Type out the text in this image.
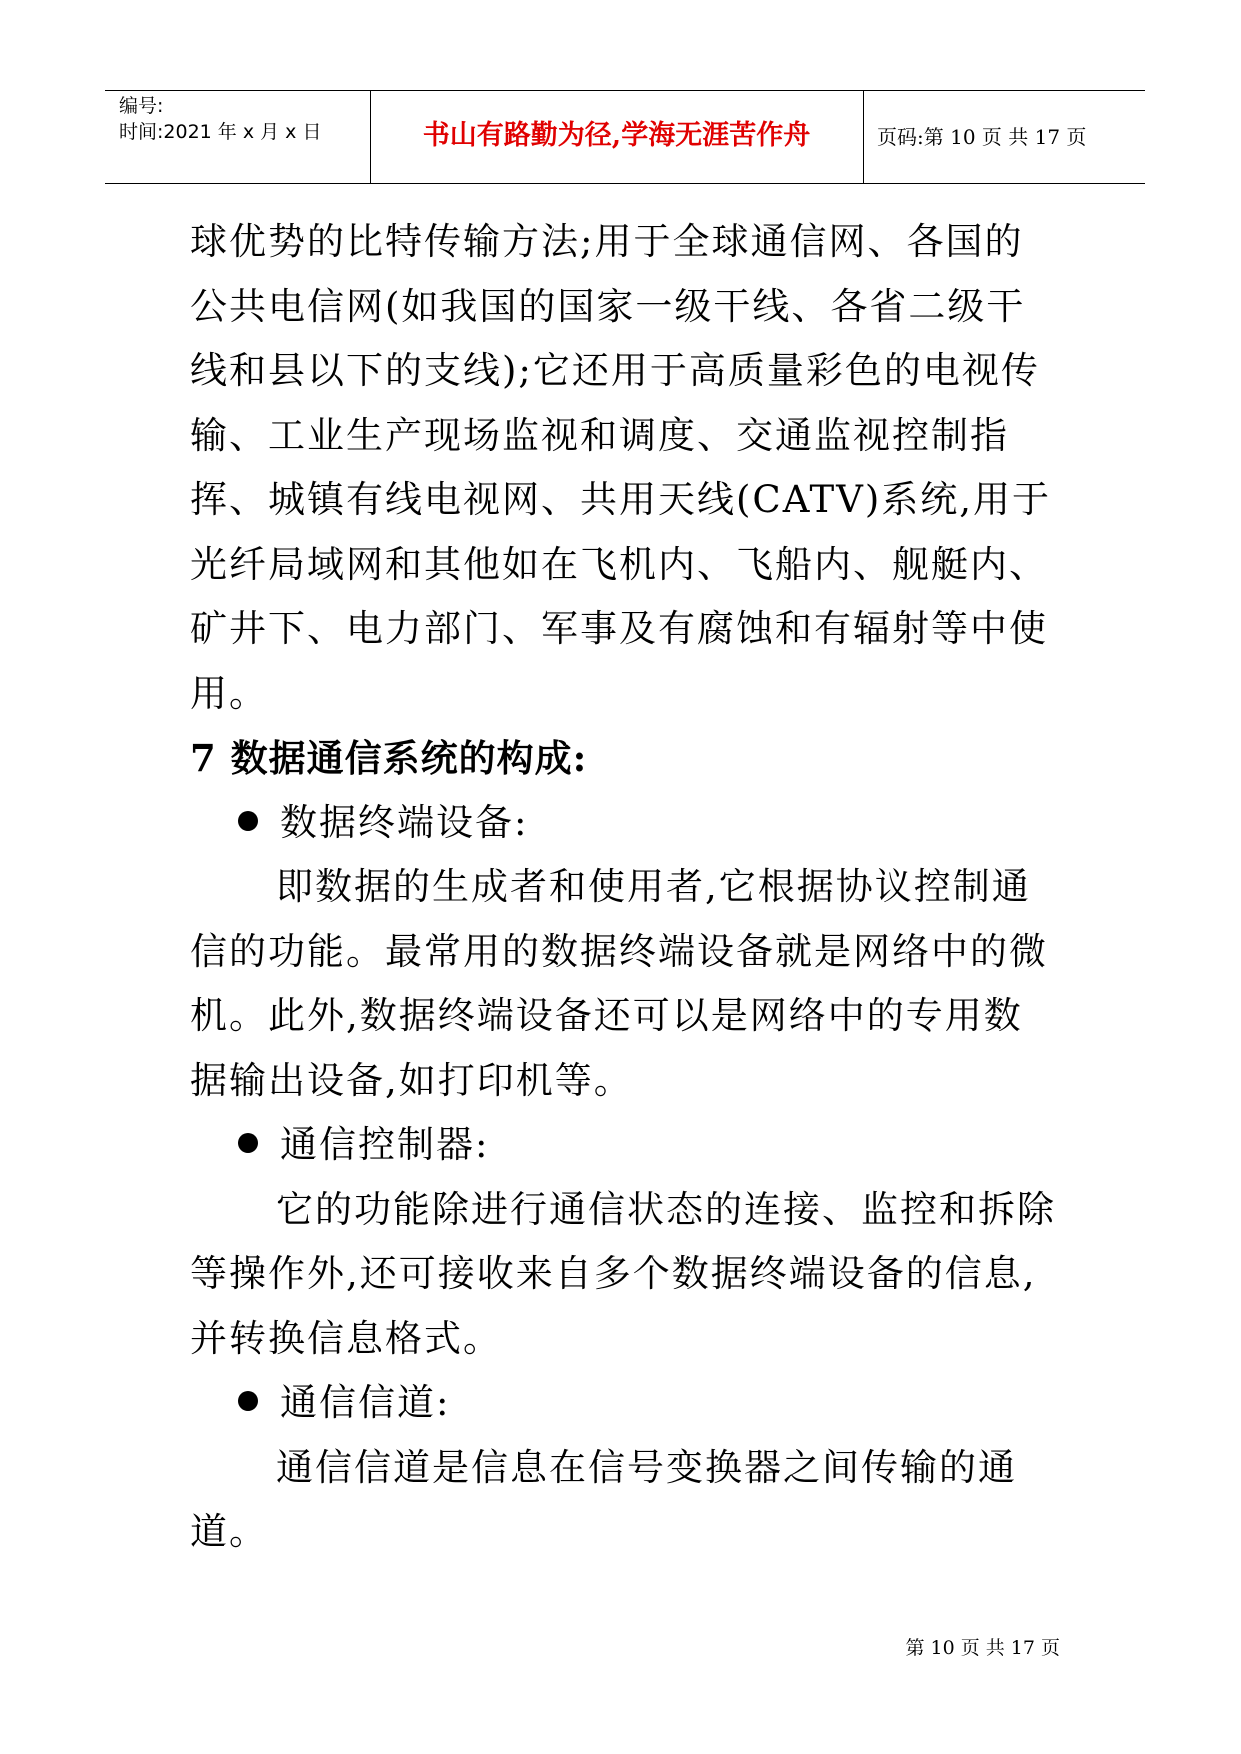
编号:
时间:2021 年 x 月 x 日	书山有路勤为径,学海无涯苦作舟	页码:第 10 页 共 17 页

球优势的比特传输方法;用于全球通信网、各国的公共电信网(如我国的国家一级干线、各省二级干线和县以下的支线);它还用于高质量彩色的电视传输、工业生产现场监视和调度、交通监视控制指挥、城镇有线电视网、共用天线(CATV)系统,用于光纤局域网和其他如在飞机内、飞船内、舰艇内、矿井下、电力部门、军事及有腐蚀和有辐射等中使用。

7 数据通信系统的构成:

数据终端设备:

即数据的生成者和使用者,它根据协议控制通信的功能。最常用的数据终端设备就是网络中的微机。此外,数据终端设备还可以是网络中的专用数据输出设备,如打印机等。

通信控制器:

它的功能除进行通信状态的连接、监控和拆除等操作外,还可接收来自多个数据终端设备的信息,并转换信息格式。

通信信道:

通信信道是信息在信号变换器之间传输的通道。

第 10 页 共 17 页
